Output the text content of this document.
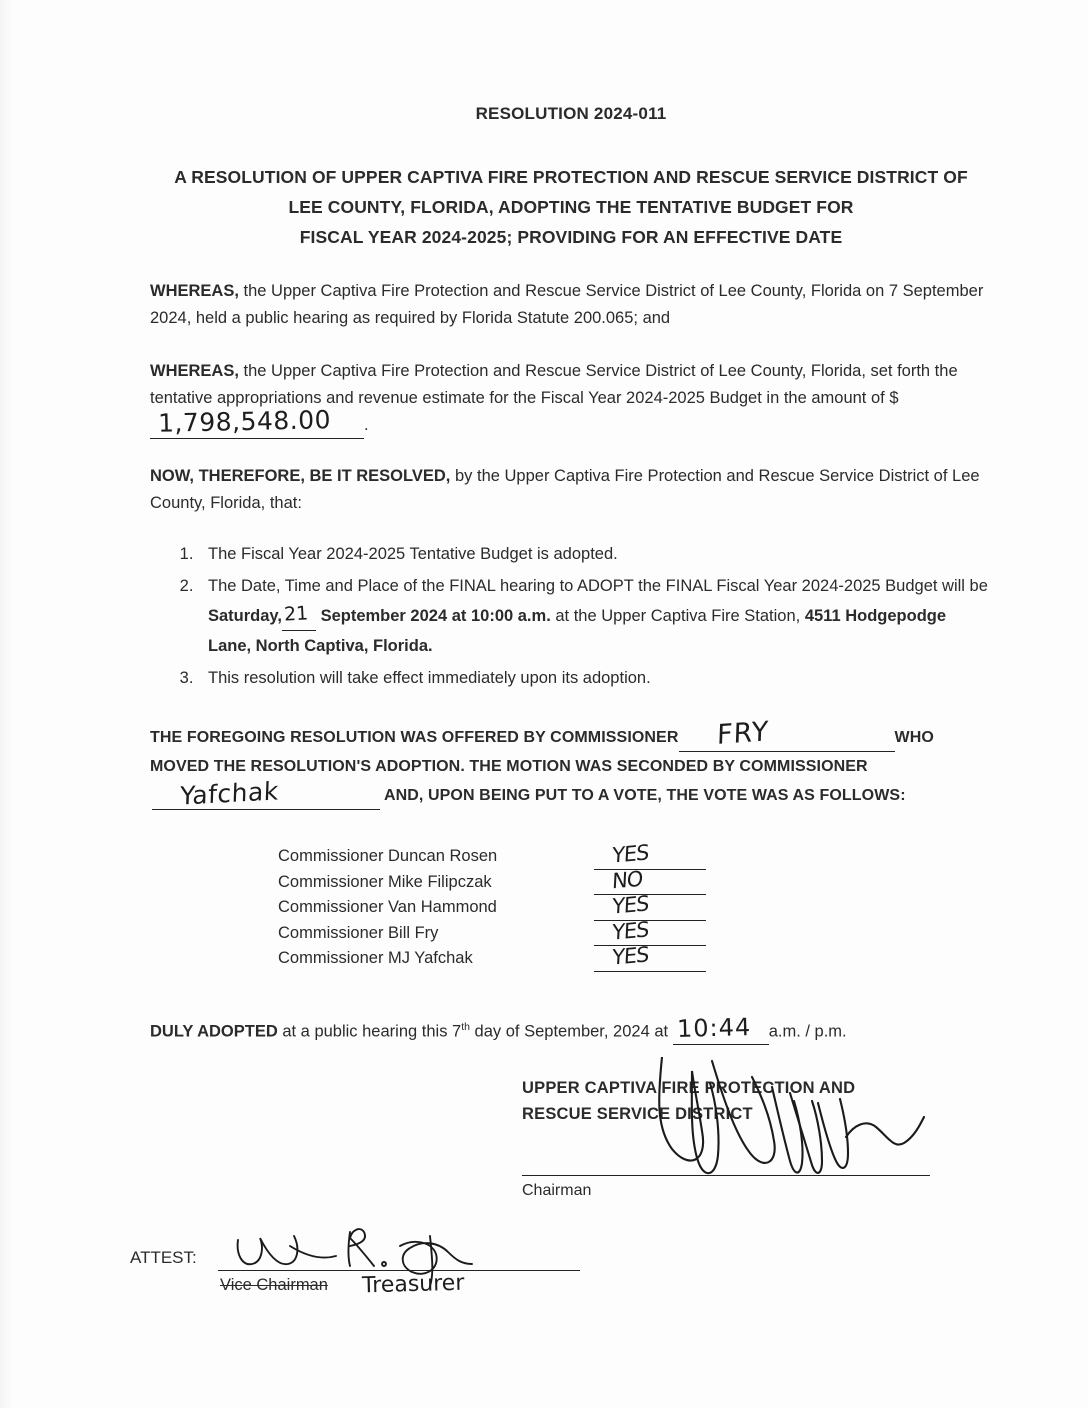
RESOLUTION 2024-011
A RESOLUTION OF UPPER CAPTIVA FIRE PROTECTION AND RESCUE SERVICE DISTRICT OF
LEE COUNTY, FLORIDA, ADOPTING THE TENTATIVE BUDGET FOR
FISCAL YEAR 2024-2025; PROVIDING FOR AN EFFECTIVE DATE
WHEREAS, the Upper Captiva Fire Protection and Rescue Service District of Lee County, Florida on 7 September 2024, held a public hearing as required by Florida Statute 200.065; and
WHEREAS, the Upper Captiva Fire Protection and Rescue Service District of Lee County, Florida, set forth the tentative appropriations and revenue estimate for the Fiscal Year 2024-2025 Budget in the amount of $
1,798,548.00 .
NOW, THEREFORE, BE IT RESOLVED, by the Upper Captiva Fire Protection and Rescue Service District of Lee County, Florida, that:
1. The Fiscal Year 2024-2025 Tentative Budget is adopted.
2. The Date, Time and Place of the FINAL hearing to ADOPT the FINAL Fiscal Year 2024-2025 Budget will be Saturday, 21 September 2024 at 10:00 a.m. at the Upper Captiva Fire Station, 4511 Hodgepodge Lane, North Captiva, Florida.
3. This resolution will take effect immediately upon its adoption.
THE FOREGOING RESOLUTION WAS OFFERED BY COMMISSIONER FRY	WHO
MOVED THE RESOLUTION'S ADOPTION. THE MOTION WAS SECONDED BY COMMISSIONER

Yafchak	AND, UPON BEING PUT TO A VOTE, THE VOTE WAS AS FOLLOWS:
Commissioner Duncan Rosen	YES
Commissioner Mike Filipczak	NO
Commissioner Van Hammond	YES
Commissioner Bill Fry	YES
Commissioner MJ Yafchak	YES
DULY ADOPTED at a public hearing this 7th day of September, 2024 at 10:44 a.m. / p.m.
UPPER CAPTIVA FIRE PROTECTION AND
RESCUE SERVICE DISTRICT
Chairman
ATTEST:
Vice Chairman Treasurer
